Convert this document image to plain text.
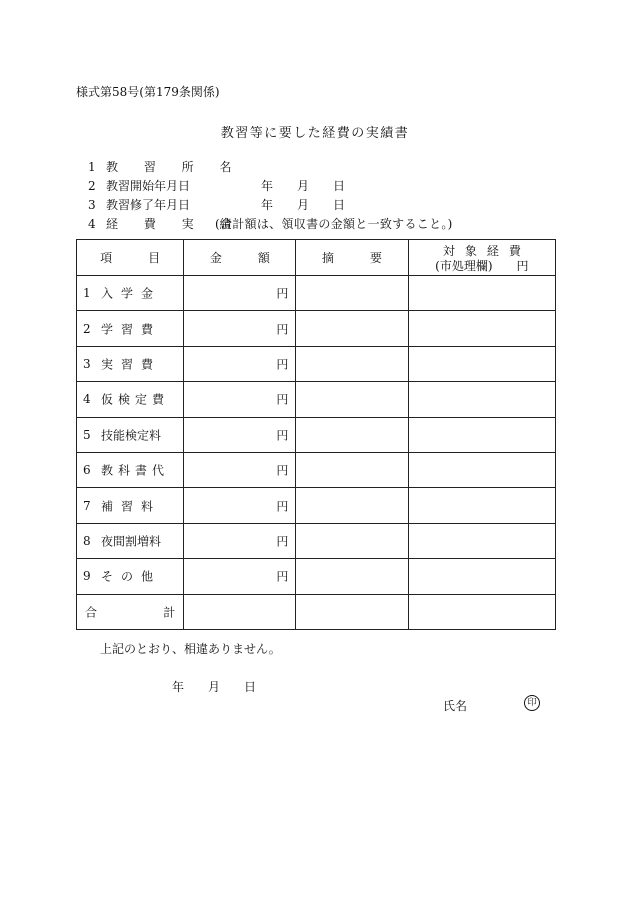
様式第58号(第179条関係)
教習等に要した経費の実績書
1 教 習 所 名
2 教習開始年月日	年 月 日
3 教習修了年月日	年 月 日
4 経 費 実 績
(合計額は、領収書の金額と一致すること。)
項　　　目	金　　　額	摘　　　要	対象経費
(市処理欄)　　円

1 入学金	円		

2 学習費	円		

3 実習費	円		

4 仮検定費	円		

5 技能検定料	円		

6 教科書代	円		

7 補習料	円		

8 夜間割増料	円		

9 その他	円		

合 計			

上記のとおり、相違ありません。
年 月 日
氏名	印
